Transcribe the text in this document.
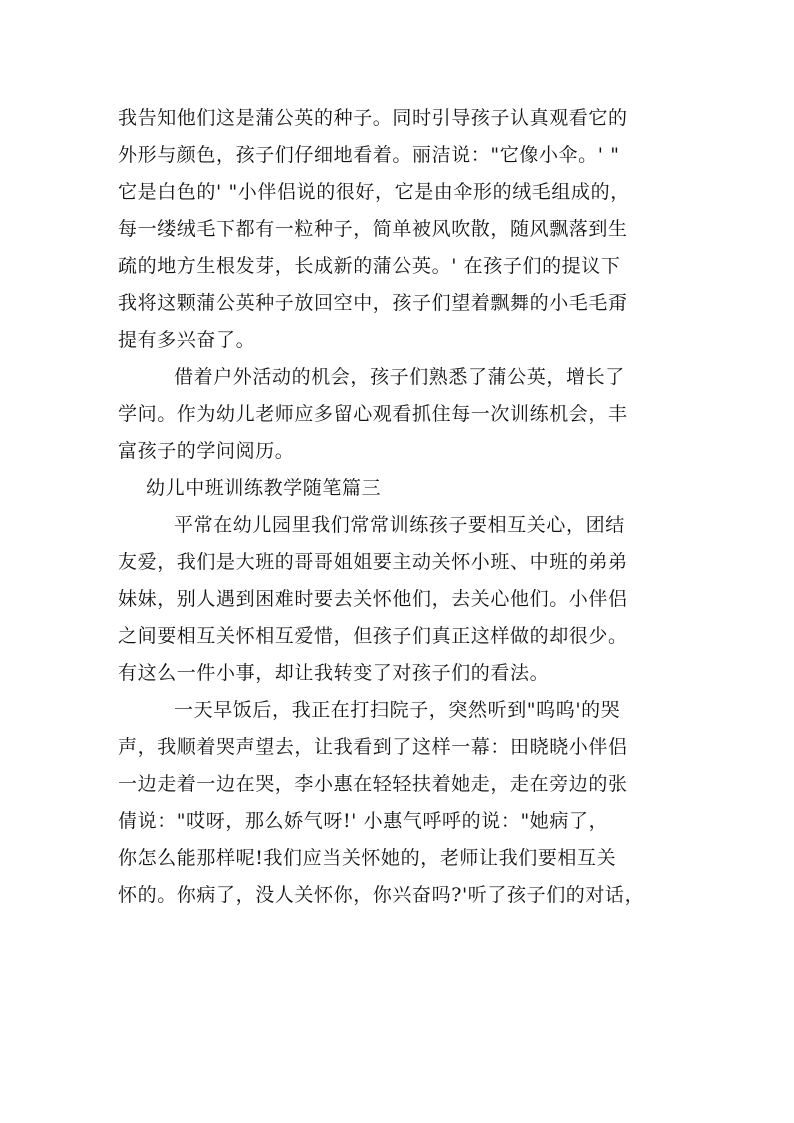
我告知他们这是蒲公英的种子。同时引导孩子认真观看它的
外形与颜色，孩子们仔细地看着。丽洁说："它像小伞。' "
它是白色的' "小伴侣说的很好，它是由伞形的绒毛组成的，
每一缕绒毛下都有一粒种子，简单被风吹散，随风飘落到生
疏的地方生根发芽，长成新的蒲公英。' 在孩子们的提议下
我将这颗蒲公英种子放回空中，孩子们望着飘舞的小毛毛甭
提有多兴奋了。
借着户外活动的机会，孩子们熟悉了蒲公英，增长了
学问。作为幼儿老师应多留心观看抓住每一次训练机会，丰
富孩子的学问阅历。
幼儿中班训练教学随笔篇三
平常在幼儿园里我们常常训练孩子要相互关心，团结
友爱，我们是大班的哥哥姐姐要主动关怀小班、中班的弟弟
妹妹，别人遇到困难时要去关怀他们，去关心他们。小伴侣
之间要相互关怀相互爱惜，但孩子们真正这样做的却很少。
有这么一件小事，却让我转变了对孩子们的看法。
一天早饭后，我正在打扫院子，突然听到"呜呜'的哭
声，我顺着哭声望去，让我看到了这样一幕：田晓晓小伴侣
一边走着一边在哭，李小惠在轻轻扶着她走，走在旁边的张
倩说："哎呀，那么娇气呀!' 小惠气呼呼的说："她病了，
你怎么能那样呢!我们应当关怀她的，老师让我们要相互关
怀的。你病了，没人关怀你，你兴奋吗?'听了孩子们的对话，
